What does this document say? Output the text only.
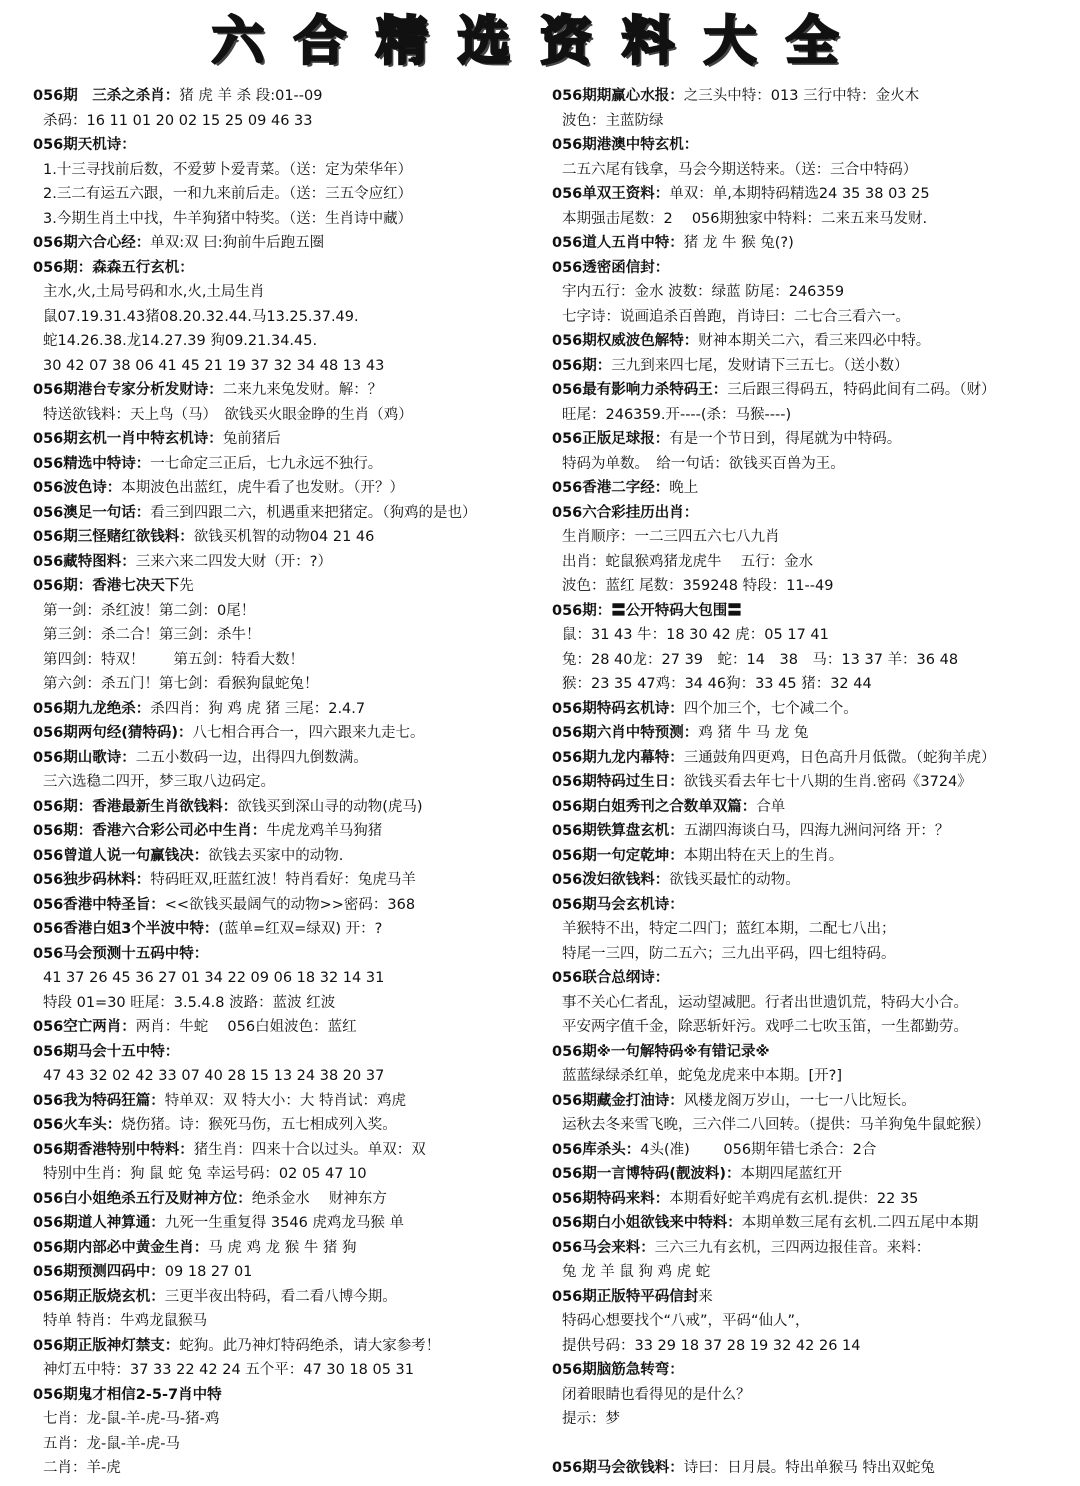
六合精选资料大全
056期　三杀之杀肖：猪 虎 羊 杀 段:01--09
杀码：16 11 01 20 02 15 25 09 46 33
056期天机诗：
1.十三寻找前后数，不爱萝卜爱青菜。（送：定为荣华年）
2.三二有运五六跟，一和九来前后走。（送：三五令应红）
3.今期生肖土中找，牛羊狗猪中特奖。（送：生肖诗中藏）
056期六合心经：单双:双 曰:狗前牛后跑五圈
056期：森森五行玄机：
主水,火,土局号码和水,火,土局生肖
鼠07.19.31.43猪08.20.32.44.马13.25.37.49.
蛇14.26.38.龙14.27.39 狗09.21.34.45.
30 42 07 38 06 41 45 21 19 37 32 34 48 13 43
056期港台专家分析发财诗：二来九来兔发财。解：？
特送欲钱料：天上鸟（马）　欲钱买火眼金睁的生肖（鸡）
056期玄机一肖中特玄机诗：兔前猪后
056精选中特诗：一七命定三正后，七九永远不独行。
056波色诗：本期波色出蓝红，虎牛看了也发财。（开？）
056澳足一句话：看三到四跟二六，机遇重来把猪定。（狗鸡的是也）
056期三怪赌红欲钱料：欲钱买机智的动物04 21 46
056藏特图料：三来六来二四发大财（开：?）
056期：香港七决天下先
第一剑：杀红波！第二剑：0尾！
第三剑：杀二合！第三剑：杀牛！
第四剑：特双！　　第五剑：特看大数！
第六剑：杀五门！第七剑：看猴狗鼠蛇兔！
056期九龙绝杀：杀四肖：狗 鸡 虎 猪 三尾：2.4.7
056期两句经(猜特码)：八七相合再合一，四六跟来九走七。
056期山歌诗：二五小数码一边，出得四九倒数满。
三六选稳二四开，梦三取八边码定。
056期：香港最新生肖欲钱料：欲钱买到深山寻的动物(虎马)
056期：香港六合彩公司必中生肖：牛虎龙鸡羊马狗猪
056曾道人说一句赢钱决：欲钱去买家中的动物.
056独步码林料：特码旺双,旺蓝红波！特肖看好：兔虎马羊
056香港中特圣旨：<<欲钱买最阔气的动物>>密码：368
056香港白姐3个半波中特：(蓝单=红双=绿双) 开：?
056马会预测十五码中特：
41 37 26 45 36 27 01 34 22 09 06 18 32 14 31
特段 01=30 旺尾：3.5.4.8 波路：蓝波 红波
056空亡两肖：两肖：牛蛇　 056白姐波色：蓝红
056期马会十五中特：
47 43 32 02 42 33 07 40 28 15 13 24 38 20 37
056我为特码狂篇：特单双：双 特大小：大 特肖试：鸡虎
056火车头：烧伤猪。诗：猴死马伤，五七相成列入奖。
056期香港特别中特料：猪生肖：四来十合以过头。单双：双
特别中生肖：狗 鼠 蛇 兔 幸运号码：02 05 47 10
056白小姐绝杀五行及财神方位：绝杀金水　 财神东方
056期道人神算通：九死一生重复得 3546 虎鸡龙马猴 单
056期内部必中黄金生肖：马 虎 鸡 龙 猴 牛 猪 狗
056期预测四码中：09 18 27 01
056期正版烧玄机：三更半夜出特码，看二看八博今期。
特单 特肖：牛鸡龙鼠猴马
056期正版神灯禁支：蛇狗。此乃神灯特码绝杀，请大家参考！
神灯五中特：37 33 22 42 24 五个平：47 30 18 05 31
056期鬼才相信2-5-7肖中特
七肖：龙-鼠-羊-虎-马-猪-鸡
五肖：龙-鼠-羊-虎-马
二肖：羊-虎
056期期赢心水报：之三头中特：013 三行中特：金火木
波色：主蓝防绿
056期港澳中特玄机：
二五六尾有钱拿，马会今期送特来。（送：三合中特码）
056单双王资料：单双：单,本期特码精选24 35 38 03 25
本期强击尾数：2　 056期独家中特料：二来五来马发财.
056道人五肖中特：猪 龙 牛 猴 兔(?)
056透密函信封：
宇内五行：金水 波数：绿蓝 防尾：246359
七字诗：说画追杀百兽跑，肖诗曰：二七合三看六一。
056期权威波色解特：财神本期关二六，看三来四必中特。
056期：三九到来四七尾，发财请下三五七。（送小数）
056最有影响力杀特码王：三后跟三得码五，特码此间有二码。（财）
旺尾：246359.开----(杀：马猴----)
056正版足球报：有是一个节日到，得尾就为中特码。
特码为单数。　给一句话：欲钱买百兽为王。
056香港二字经：晚上
056六合彩挂历出肖：
生肖顺序：一二三四五六七八九肖
出肖：蛇鼠猴鸡猪龙虎牛　 五行：金水
波色：蓝红 尾数：359248 特段：11--49
056期：〓公开特码大包围〓
鼠：31 43 牛：18 30 42 虎：05 17 41
兔：28 40龙：27 39　蛇：14　38　马：13 37 羊：36 48
猴：23 35 47鸡：34 46狗：33 45 猪：32 44
056期特码玄机诗：四个加三个，七个减二个。
056期六肖中特预测：鸡 猪 牛 马 龙 兔
056期九龙内幕特：三通鼓角四更鸡，日色高升月低微。（蛇狗羊虎）
056期特码过生日：欲钱买看去年七十八期的生肖.密码《3724》
056期白姐秀刊之合数单双篇：合单
056期铁算盘玄机：五湖四海谈白马，四海九洲问河络 开：？
056期一句定乾坤：本期出特在天上的生肖。
056泼妇欲钱料：欲钱买最忙的动物。
056期马会玄机诗：
羊猴特不出，特定二四门；蓝红本期，二配七八出；
特尾一三四，防二五六；三九出平码，四七组特码。
056联合总纲诗：
事不关心仁者乱，运动望减肥。行者出世遗饥荒，特码大小合。
平安两字值千金，除恶斩奸污。戏呼二七吹玉笛，一生都勤劳。
056期※一句解特码※有错记录※
蓝蓝绿绿杀红单，蛇兔龙虎来中本期。[开?]
056期藏金打油诗：风楼龙阁万岁山，一七一八比短长。
运秋去冬来雪飞晚，三六伴二八回转。（提供：马羊狗兔牛鼠蛇猴）
056库杀头：4头(准)　　 056期年错七杀合：2合
056期一言博特码(靓波料)：本期四尾蓝红开
056期特码来料：本期看好蛇羊鸡虎有玄机.提供：22 35
056期白小姐欲钱来中特料：本期单数三尾有玄机.二四五尾中本期
056马会来料：三六三九有玄机，三四两边报佳音。来料：
兔 龙 羊 鼠 狗 鸡 虎 蛇
056期正版特平码信封来
特码心想要找个“八戒”，平码“仙人”，
提供号码：33 29 18 37 28 19 32 42 26 14
056期脑筋急转弯：
闭着眼睛也看得见的是什么？
提示：梦
056期马会欲钱料：诗曰：日月晨。特出单猴马 特出双蛇兔
